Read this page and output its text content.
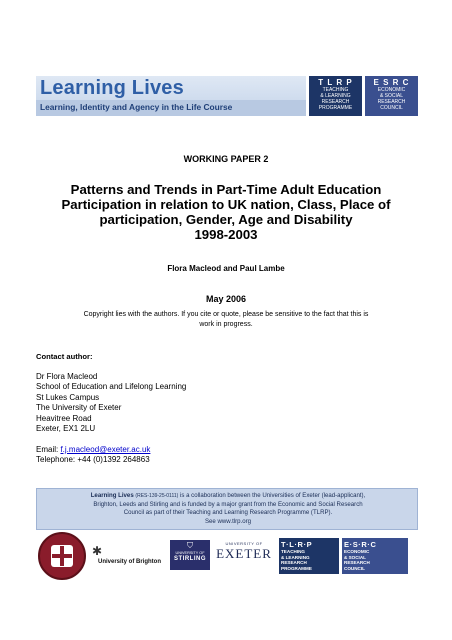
Learning Lives
Learning, Identity and Agency in the Life Course
T L R P
TEACHING
& LEARNING
RESEARCH
PROGRAMME
E S R C
ECONOMIC
& SOCIAL
RESEARCH
COUNCIL
WORKING PAPER 2
Patterns and Trends in Part-Time Adult Education
Participation in relation to UK nation, Class, Place of
participation, Gender, Age and Disability
1998-2003
Flora Macleod and Paul Lambe
May 2006
Copyright lies with the authors. If you cite or quote, please be sensitive to the fact that this is
work in progress.
Contact author:
Dr Flora Macleod
School of Education and Lifelong Learning
St Lukes Campus
The University of Exeter
Heavitree Road
Exeter, EX1 2LU
Email: f.j.macleod@exeter.ac.uk
Telephone: +44 (0)1392 264863

Learning Lives (RES-139-25-0111) is a collaboration between the Universities of Exeter (lead-applicant),
Brighton, Leeds and Stirling and is funded by a major grant from the Economic and Social Research
Council as part of their Teaching and Learning Research Programme (TLRP).
See www.tlrp.org

✱
University of Brighton
⛉
UNIVERSITY OF
STIRLING
UNIVERSITY OF
EXETER
T·L·R·P
TEACHING
& LEARNING
RESEARCH
PROGRAMME
E·S·R·C
ECONOMIC
& SOCIAL
RESEARCH
COUNCIL
